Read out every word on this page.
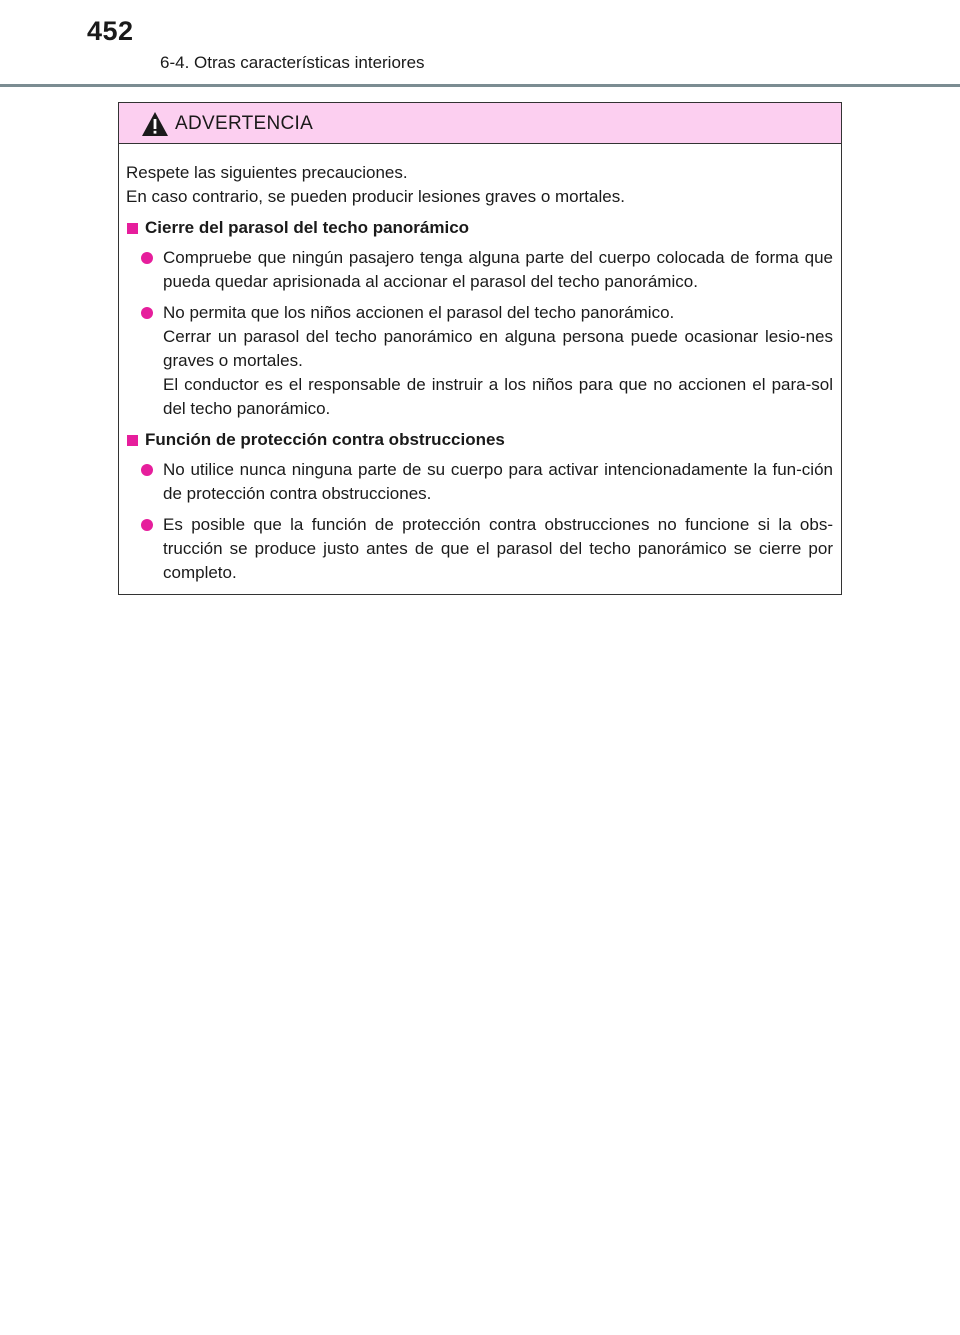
452
6-4. Otras características interiores
ADVERTENCIA

Respete las siguientes precauciones.

En caso contrario, se pueden producir lesiones graves o mortales.

Cierre del parasol del techo panorámico

Compruebe que ningún pasajero tenga alguna parte del cuerpo colocada de forma que pueda quedar aprisionada al accionar el parasol del techo panorámico.

No permita que los niños accionen el parasol del techo panorámico.

Cerrar un parasol del techo panorámico en alguna persona puede ocasionar lesio-nes graves o mortales.

El conductor es el responsable de instruir a los niños para que no accionen el para-sol del techo panorámico.

Función de protección contra obstrucciones

No utilice nunca ninguna parte de su cuerpo para activar intencionadamente la fun-ción de protección contra obstrucciones.

Es posible que la función de protección contra obstrucciones no funcione si la obs-trucción se produce justo antes de que el parasol del techo panorámico se cierre por completo.
